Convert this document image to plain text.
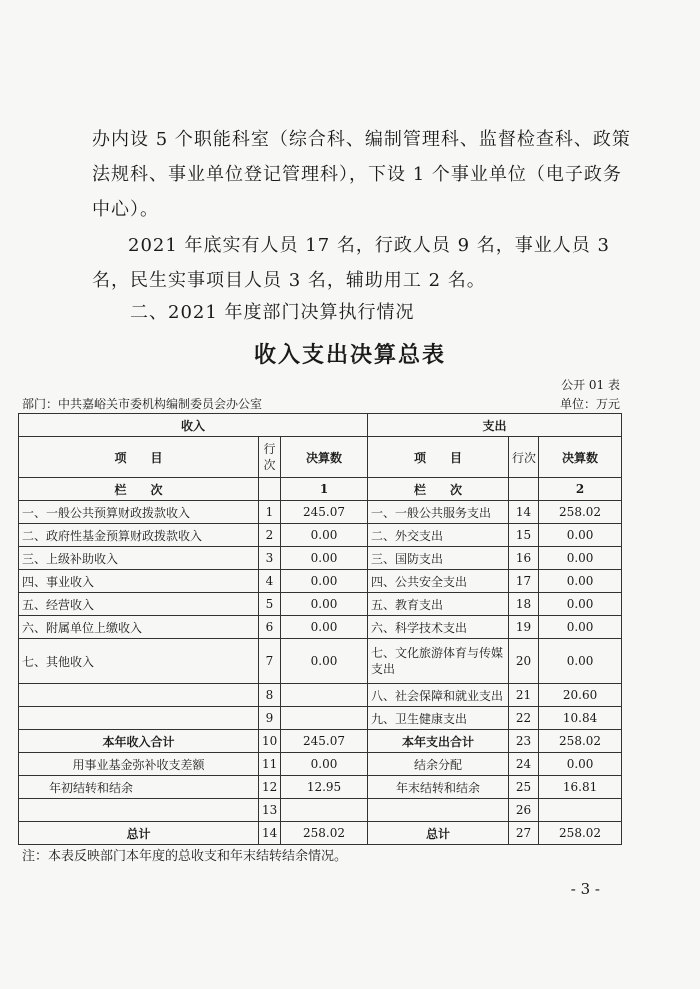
办内设 5 个职能科室（综合科、编制管理科、监督检查科、政策法规科、事业单位登记管理科），下设 1 个事业单位（电子政务中心）。
2021 年底实有人员 17 名，行政人员 9 名，事业人员 3 名，民生实事项目人员 3 名，辅助用工 2 名。
二、2021 年度部门决算执行情况
收入支出决算总表
公开 01 表
部门：中共嘉峪关市委机构编制委员会办公室	单位：万元
收入			支出		
项　　目	行次	决算数	项　　目	行次	决算数
栏　　次		1	栏　　次		2
一、一般公共预算财政拨款收入	1	245.07	一、一般公共服务支出	14	258.02
二、政府性基金预算财政拨款收入	2	0.00	二、外交支出	15	0.00
三、上级补助收入	3	0.00	三、国防支出	16	0.00
四、事业收入	4	0.00	四、公共安全支出	17	0.00
五、经营收入	5	0.00	五、教育支出	18	0.00
六、附属单位上缴收入	6	0.00	六、科学技术支出	19	0.00
七、其他收入	7	0.00	七、文化旅游体育与传媒支出	20	0.00
	8		八、社会保障和就业支出	21	20.60
	9		九、卫生健康支出	22	10.84
本年收入合计	10	245.07	本年支出合计	23	258.02
用事业基金弥补收支差额	11	0.00	结余分配	24	0.00
年初结转和结余	12	12.95	年末结转和结余	25	16.81
	13			26	
总计	14	258.02	总计	27	258.02
注：本表反映部门本年度的总收支和年末结转结余情况。
- 3 -
